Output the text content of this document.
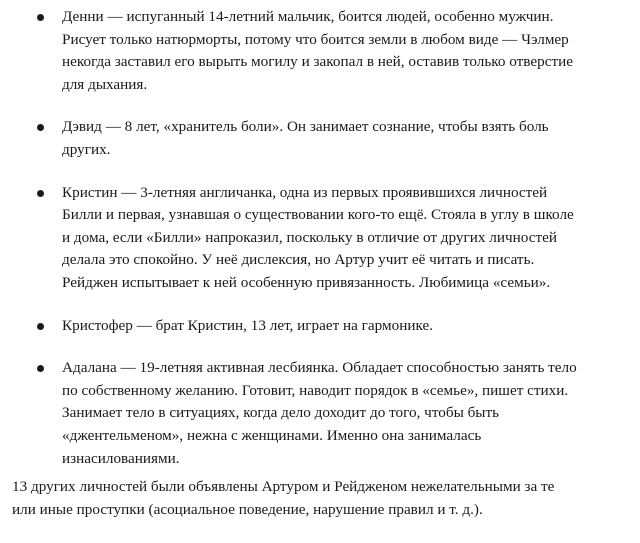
Денни — испуганный 14-летний мальчик, боится людей, особенно мужчин. Рисует только натюрморты, потому что боится земли в любом виде — Чэлмер некогда заставил его вырыть могилу и закопал в ней, оставив только отверстие для дыхания.
Дэвид — 8 лет, «хранитель боли». Он занимает сознание, чтобы взять боль других.
Кристин — 3-летняя англичанка, одна из первых проявившихся личностей Билли и первая, узнавшая о существовании кого-то ещё. Стояла в углу в школе и дома, если «Билли» напроказил, поскольку в отличие от других личностей делала это спокойно. У неё дислексия, но Артур учит её читать и писать. Рейджен испытывает к ней особенную привязанность. Любимица «семьи».
Кристофер — брат Кристин, 13 лет, играет на гармонике.
Адалана — 19-летняя активная лесбиянка. Обладает способностью занять тело по собственному желанию. Готовит, наводит порядок в «семье», пишет стихи. Занимает тело в ситуациях, когда дело доходит до того, чтобы быть «джентельменом», нежна с женщинами. Именно она занималась изнасилованиями.

13 других личностей были объявлены Артуром и Рейдженом нежелательными за те или иные проступки (асоциальное поведение, нарушение правил и т. д.).
